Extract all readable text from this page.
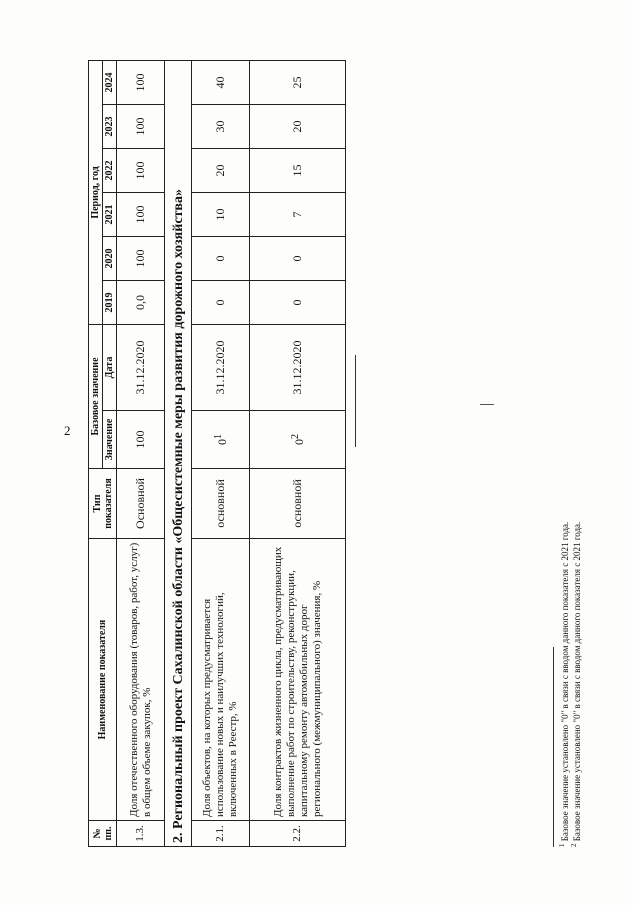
2
№ пп.	Наименование показателя	Тип показателя	Базовое значение		Период, год					
			Значение	Дата	2019	2020	2021	2022	2023	2024
1.3.	Доля отечественного оборудования (товаров, работ, услуг) в общем объеме закупок, %	Основной	100	31.12.2020	0,0	100	100	100	100	100
2. Региональный проект Сахалинской области «Общесистемные меры развития дорожного хозяйства»										
2.1.	Доля объектов, на которых предусматривается использование новых и наилучших технологий, включенных в Реестр, %	основной	$0^1$	31.12.2020	0	0	10	20	30	40
2.2.	Доля контрактов жизненного цикла, предусматривающих выполнение работ по строительству, реконструкции, капитальному ремонту автомобильных дорог регионального (межмуниципального) значения, %	основной	$0^2$	31.12.2020	0	0	7	15	20	25
$^1$ Базовое значение установлено "0" в связи с вводом данного показателя с 2021 года.
$^2$ Базовое значение установлено "0" в связи с вводом данного показателя с 2021 года.
